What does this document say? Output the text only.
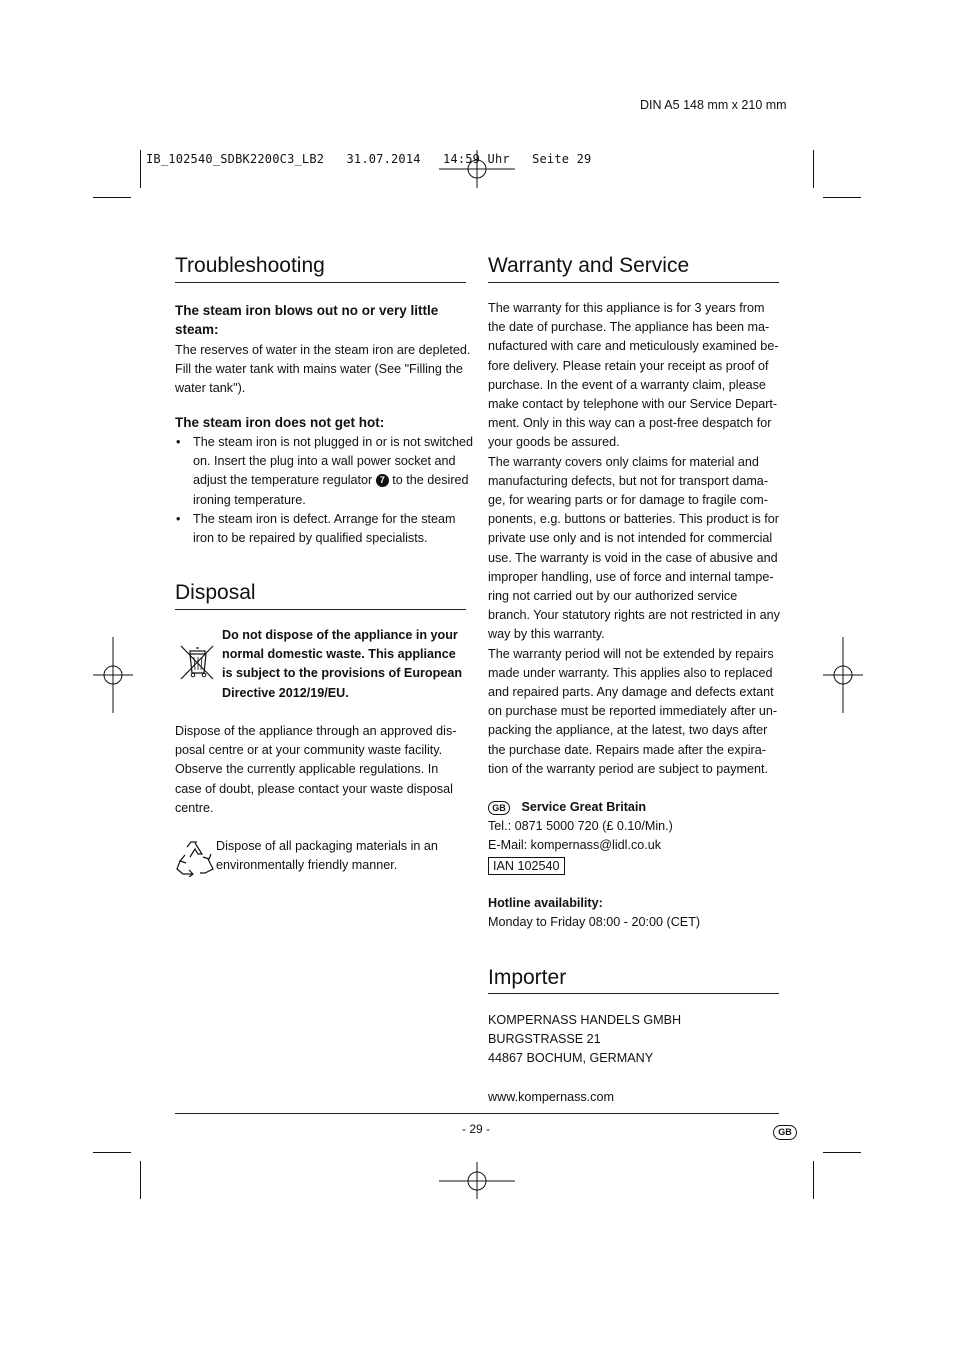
DIN A5 148 mm x 210 mm
IB_102540_SDBK2200C3_LB2   31.07.2014   14:59 Uhr   Seite 29
Troubleshooting
The steam iron blows out no or very little
steam:
The reserves of water in the steam iron are depleted.
Fill the water tank with mains water (See "Filling the
water tank").
The steam iron does not get hot:
• The steam iron is not plugged in or is not switched
on. Insert the plug into a wall power socket and
adjust the temperature regulator 7 to the desired
ironing temperature.
• The steam iron is defect. Arrange for the steam
iron to be repaired by qualified specialists.
Disposal
Do not dispose of the appliance in your
normal domestic waste. This appliance
is subject to the provisions of European
Directive 2012/19/EU.
Dispose of the appliance through an approved dis-
posal centre or at your community waste facility.
Observe the currently applicable regulations. In
case of doubt, please contact your waste disposal
centre.
Dispose of all packaging materials in an
environmentally friendly manner.
Warranty and Service
The warranty for this appliance is for 3 years from
the date of purchase. The appliance has been ma-
nufactured with care and meticulously examined be-
fore delivery. Please retain your receipt as proof of
purchase. In the event of a warranty claim, please
make contact by telephone with our Service Depart-
ment. Only in this way can a post-free despatch for
your goods be assured.
The warranty covers only claims for material and
manufacturing defects, but not for transport dama-
ge, for wearing parts or for damage to fragile com-
ponents, e.g. buttons or batteries. This product is for
private use only and is not intended for commercial
use. The warranty is void in the case of abusive and
improper handling, use of force and internal tampe-
ring not carried out by our authorized service
branch. Your statutory rights are not restricted in any
way by this warranty.
The warranty period will not be extended by repairs
made under warranty. This applies also to replaced
and repaired parts. Any damage and defects extant
on purchase must be reported immediately after un-
packing the appliance, at the latest, two days after
the purchase date. Repairs made after the expira-
tion of the warranty period are subject to payment.
GB Service Great Britain
Tel.: 0871 5000 720 (£ 0.10/Min.)
E-Mail: kompernass@lidl.co.uk
IAN 102540
Hotline availability:
Monday to Friday 08:00 - 20:00 (CET)
Importer
KOMPERNASS HANDELS GMBH
BURGSTRASSE 21
44867 BOCHUM, GERMANY
www.kompernass.com
- 29 -	GB
